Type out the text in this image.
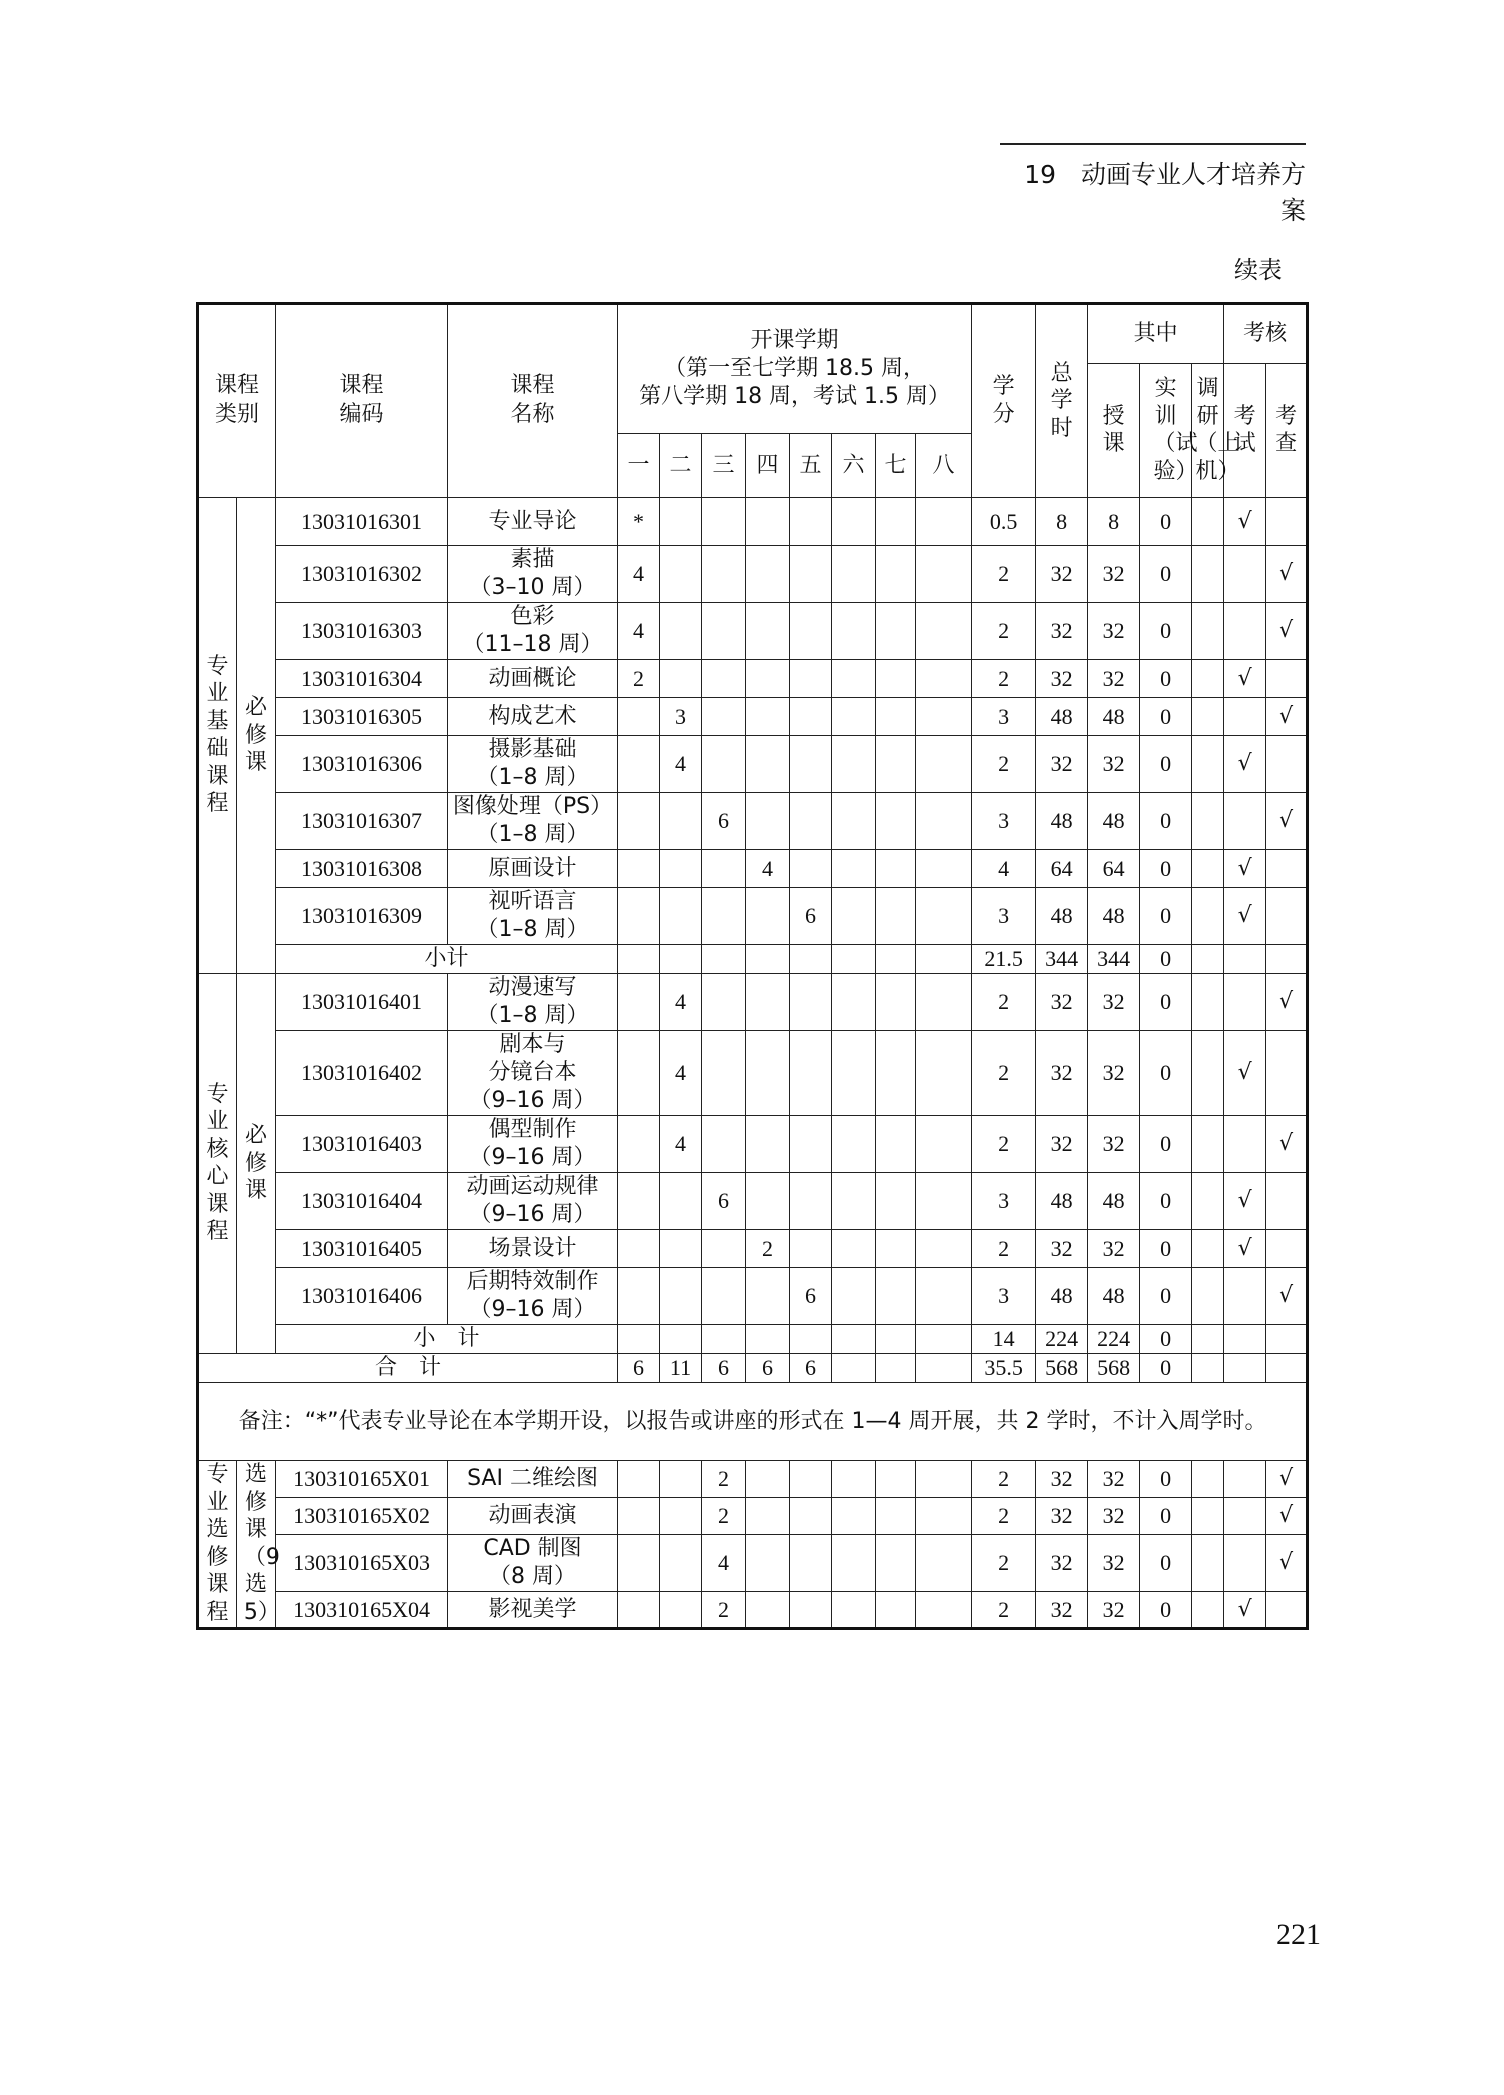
19　动画专业人才培养方案
续表
课程类别		课程编码	课程名称	开课学期
（第一至七学期 18.5 周，
第八学期 18 周，考试 1.5 周）								学分	总学时	其中			考核	
														授课	实训（试验）	调研（上机）	考试	考查
				一	二	三	四	五	六	七	八							
专业基础课程	必修课	13031016301	专业导论	*								0.5	8	8	0		√	
		13031016302	素描
（3–10 周）	4								2	32	32	0			√
		13031016303	色彩
（11–18 周）	4								2	32	32	0			√
		13031016304	动画概论	2								2	32	32	0		√	
		13031016305	构成艺术		3							3	48	48	0			√
		13031016306	摄影基础
（1–8 周）		4							2	32	32	0		√	
		13031016307	图像处理（PS）
（1–8 周）			6						3	48	48	0			√
		13031016308	原画设计				4					4	64	64	0		√	
		13031016309	视听语言
（1–8 周）					6				3	48	48	0		√	
		小计										21.5	344	344	0			
专业核心课程	必修课	13031016401	动漫速写
（1–8 周）		4							2	32	32	0			√
		13031016402	剧本与
分镜台本
（9–16 周）		4							2	32	32	0		√	
		13031016403	偶型制作
（9–16 周）		4							2	32	32	0			√
		13031016404	动画运动规律
（9–16 周）			6						3	48	48	0		√	
		13031016405	场景设计				2					2	32	32	0		√	
		13031016406	后期特效制作
（9–16 周）					6				3	48	48	0			√
		小　计										14	224	224	0			
合　计				6	11	6	6	6				35.5	568	568	0			
备注：“*”代表专业导论在本学期开设，以报告或讲座的形式在 1—4 周开展，共 2 学时，不计入周学时。																		
专业选修课程	选修课（9选5）	130310165X01	SAI 二维绘图			2						2	32	32	0			√
		130310165X02	动画表演			2						2	32	32	0			√
		130310165X03	CAD 制图
（8 周）			4						2	32	32	0			√
		130310165X04	影视美学			2						2	32	32	0		√	
221
